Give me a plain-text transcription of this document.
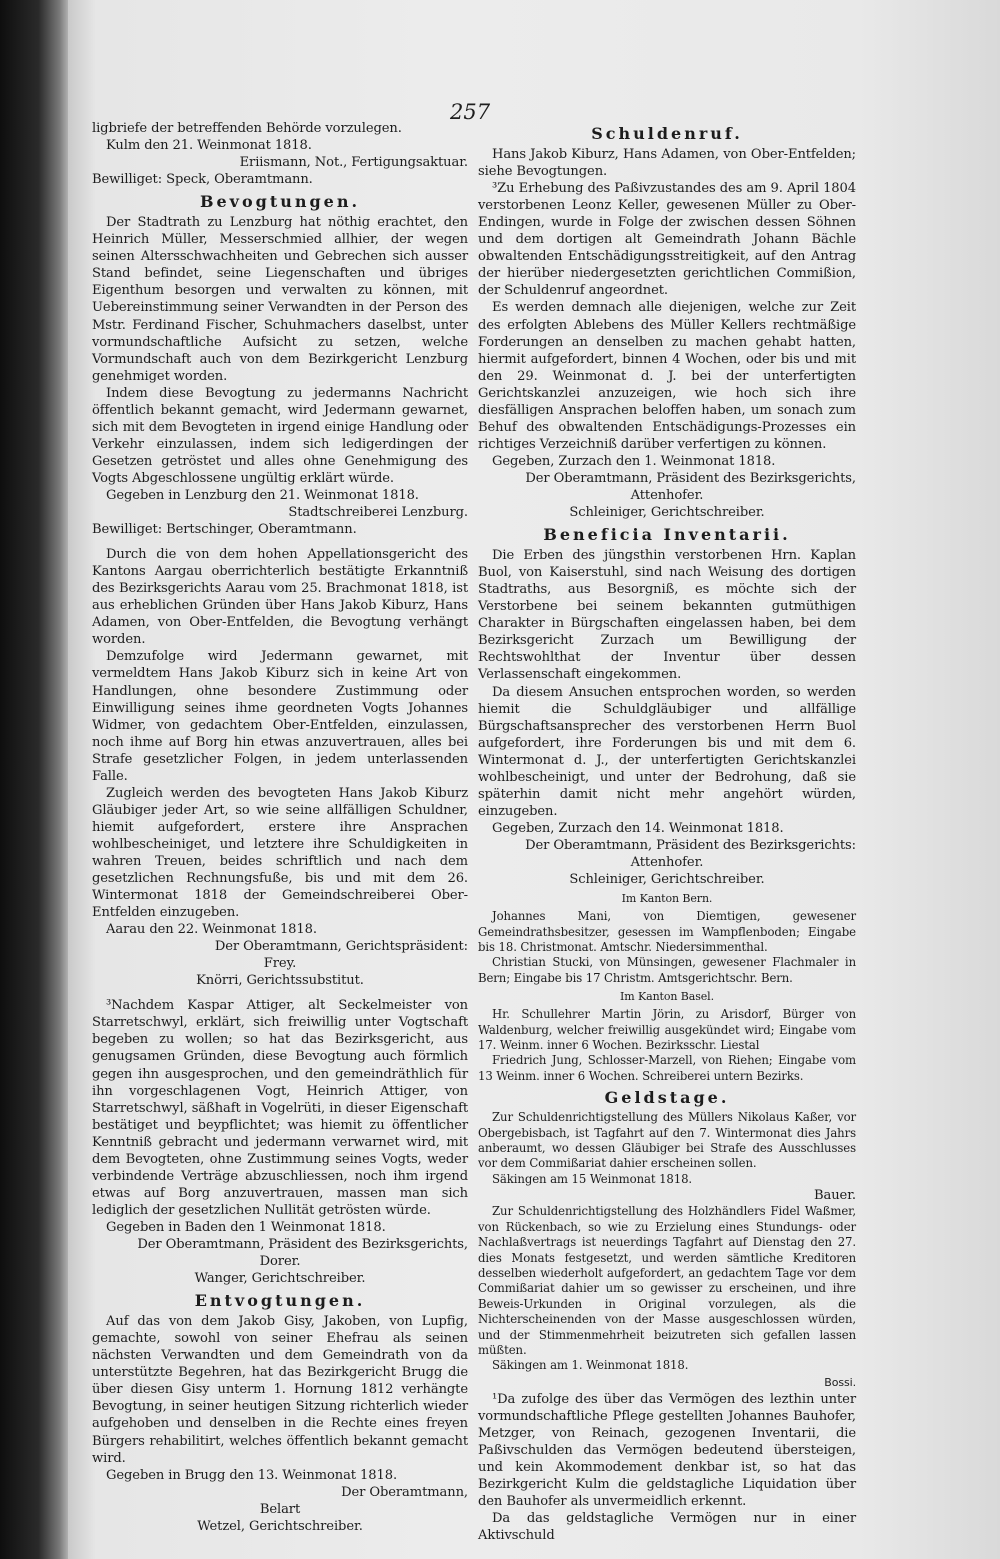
257

ligbriefe der betreffenden Behörde vorzulegen.

Kulm den 21. Weinmonat 1818.

Eriismann, Not., Fertigungsaktuar.

Bewilliget: Speck, Oberamtmann.

Bevogtungen.

Der Stadtrath zu Lenzburg hat nöthig erachtet, den Heinrich Müller, Messerschmied allhier, der wegen seinen Altersschwachheiten und Gebrechen sich ausser Stand befindet, seine Liegenschaften und übriges Eigenthum besorgen und verwalten zu können, mit Uebereinstimmung seiner Verwandten in der Person des Mstr. Ferdinand Fischer, Schuhmachers daselbst, unter vormundschaftliche Aufsicht zu setzen, welche Vormundschaft auch von dem Bezirkgericht Lenzburg genehmiget worden.

Indem diese Bevogtung zu jedermanns Nachricht öffentlich bekannt gemacht, wird Jedermann gewarnet, sich mit dem Bevogteten in irgend einige Handlung oder Verkehr einzulassen, indem sich ledigerdingen der Gesetzen getröstet und alles ohne Genehmigung des Vogts Abgeschlossene ungültig erklärt würde.

Gegeben in Lenzburg den 21. Weinmonat 1818.

Stadtschreiberei Lenzburg.

Bewilliget: Bertschinger, Oberamtmann.

Durch die von dem hohen Appellationsgericht des Kantons Aargau oberrichterlich bestätigte Erkanntniß des Bezirksgerichts Aarau vom 25. Brachmonat 1818, ist aus erheblichen Gründen über Hans Jakob Kiburz, Hans Adamen, von Ober-Entfelden, die Bevogtung verhängt worden.

Demzufolge wird Jedermann gewarnet, mit vermeldtem Hans Jakob Kiburz sich in keine Art von Handlungen, ohne besondere Zustimmung oder Einwilligung seines ihme geordneten Vogts Johannes Widmer, von gedachtem Ober-Entfelden, einzulassen, noch ihme auf Borg hin etwas anzuvertrauen, alles bei Strafe gesetzlicher Folgen, in jedem unterlassenden Falle.

Zugleich werden des bevogteten Hans Jakob Kiburz Gläubiger jeder Art, so wie seine allfälligen Schuldner, hiemit aufgefordert, erstere ihre Ansprachen wohlbescheiniget, und letztere ihre Schuldigkeiten in wahren Treuen, beides schriftlich und nach dem gesetzlichen Rechnungsfuße, bis und mit dem 26. Wintermonat 1818 der Gemeindschreiberei Ober-Entfelden einzugeben.

Aarau den 22. Weinmonat 1818.

Der Oberamtmann, Gerichtspräsident:

Frey.

Knörri, Gerichtssubstitut.

³Nachdem Kaspar Attiger, alt Seckelmeister von Starretschwyl, erklärt, sich freiwillig unter Vogtschaft begeben zu wollen; so hat das Bezirksgericht, aus genugsamen Gründen, diese Bevogtung auch förmlich gegen ihn ausgesprochen, und den gemeindräthlich für ihn vorgeschlagenen Vogt, Heinrich Attiger, von Starretschwyl, säßhaft in Vogelrüti, in dieser Eigenschaft bestätiget und beypflichtet; was hiemit zu öffentlicher Kenntniß gebracht und jedermann verwarnet wird, mit dem Bevogteten, ohne Zustimmung seines Vogts, weder verbindende Verträge abzuschliessen, noch ihm irgend etwas auf Borg anzuvertrauen, massen man sich lediglich der gesetzlichen Nullität getrösten würde.

Gegeben in Baden den 1 Weinmonat 1818.

Der Oberamtmann, Präsident des Bezirksgerichts,

Dorer.

Wanger, Gerichtschreiber.

Entvogtungen.

Auf das von dem Jakob Gisy, Jakoben, von Lupfig, gemachte, sowohl von seiner Ehefrau als seinen nächsten Verwandten und dem Gemeindrath von da unterstützte Begehren, hat das Bezirkgericht Brugg die über diesen Gisy unterm 1. Hornung 1812 verhängte Bevogtung, in seiner heutigen Sitzung richterlich wieder aufgehoben und denselben in die Rechte eines freyen Bürgers rehabilitirt, welches öffentlich bekannt gemacht wird.

Gegeben in Brugg den 13. Weinmonat 1818.

Der Oberamtmann,

Belart

Wetzel, Gerichtschreiber.

Schuldenruf.

Hans Jakob Kiburz, Hans Adamen, von Ober-Entfelden; siehe Bevogtungen.

³Zu Erhebung des Paßivzustandes des am 9. April 1804 verstorbenen Leonz Keller, gewesenen Müller zu Ober-Endingen, wurde in Folge der zwischen dessen Söhnen und dem dortigen alt Gemeindrath Johann Bächle obwaltenden Entschädigungsstreitigkeit, auf den Antrag der hierüber niedergesetzten gerichtlichen Commißion, der Schuldenruf angeordnet.

Es werden demnach alle diejenigen, welche zur Zeit des erfolgten Ablebens des Müller Kellers rechtmäßige Forderungen an denselben zu machen gehabt hatten, hiermit aufgefordert, binnen 4 Wochen, oder bis und mit den 29. Weinmonat d. J. bei der unterfertigten Gerichtskanzlei anzuzeigen, wie hoch sich ihre diesfälligen Ansprachen beloffen haben, um sonach zum Behuf des obwaltenden Entschädigungs-Prozesses ein richtiges Verzeichniß darüber verfertigen zu können.

Gegeben, Zurzach den 1. Weinmonat 1818.

Der Oberamtmann, Präsident des Bezirksgerichts,

Attenhofer.

Schleiniger, Gerichtschreiber.

Beneficia Inventarii.

Die Erben des jüngsthin verstorbenen Hrn. Kaplan Buol, von Kaiserstuhl, sind nach Weisung des dortigen Stadtraths, aus Besorgniß, es möchte sich der Verstorbene bei seinem bekannten gutmüthigen Charakter in Bürgschaften eingelassen haben, bei dem Bezirksgericht Zurzach um Bewilligung der Rechtswohlthat der Inventur über dessen Verlassenschaft eingekommen.

Da diesem Ansuchen entsprochen worden, so werden hiemit die Schuldgläubiger und allfällige Bürgschaftsansprecher des verstorbenen Herrn Buol aufgefordert, ihre Forderungen bis und mit dem 6. Wintermonat d. J., der unterfertigten Gerichtskanzlei wohlbescheinigt, und unter der Bedrohung, daß sie späterhin damit nicht mehr angehört würden, einzugeben.

Gegeben, Zurzach den 14. Weinmonat 1818.

Der Oberamtmann, Präsident des Bezirksgerichts:

Attenhofer.

Schleiniger, Gerichtschreiber.

Im Kanton Bern.

Johannes Mani, von Diemtigen, gewesener Gemeindrathsbesitzer, gesessen im Wampflenboden; Eingabe bis 18. Christmonat. Amtschr. Niedersimmenthal.

Christian Stucki, von Münsingen, gewesener Flachmaler in Bern; Eingabe bis 17 Christm. Amtsgerichtschr. Bern.

Im Kanton Basel.

Hr. Schullehrer Martin Jörin, zu Arisdorf, Bürger von Waldenburg, welcher freiwillig ausgekündet wird; Eingabe vom 17. Weinm. inner 6 Wochen. Bezirksschr. Liestal

Friedrich Jung, Schlosser-Marzell, von Riehen; Eingabe vom 13 Weinm. inner 6 Wochen. Schreiberei untern Bezirks.

Geldstage.

Zur Schuldenrichtigstellung des Müllers Nikolaus Kaßer, vor Obergebisbach, ist Tagfahrt auf den 7. Wintermonat dies Jahrs anberaumt, wo dessen Gläubiger bei Strafe des Ausschlusses vor dem Commißariat dahier erscheinen sollen.

Säkingen am 15 Weinmonat 1818.

Bauer.

Zur Schuldenrichtigstellung des Holzhändlers Fidel Waßmer, von Rückenbach, so wie zu Erzielung eines Stundungs- oder Nachlaßvertrags ist neuerdings Tagfahrt auf Dienstag den 27. dies Monats festgesetzt, und werden sämtliche Kreditoren desselben wiederholt aufgefordert, an gedachtem Tage vor dem Commißariat dahier um so gewisser zu erscheinen, und ihre Beweis-Urkunden in Original vorzulegen, als die Nichterscheinenden von der Masse ausgeschlossen würden, und der Stimmenmehrheit beizutreten sich gefallen lassen müßten.

Säkingen am 1. Weinmonat 1818.

Bossi.

¹Da zufolge des über das Vermögen des lezthin unter vormundschaftliche Pflege gestellten Johannes Bauhofer, Metzger, von Reinach, gezogenen Inventarii, die Paßivschulden das Vermögen bedeutend übersteigen, und kein Akommodement denkbar ist, so hat das Bezirkgericht Kulm die geldstagliche Liquidation über den Bauhofer als unvermeidlich erkennt.

Da das geldstagliche Vermögen nur in einer Aktivschuld
